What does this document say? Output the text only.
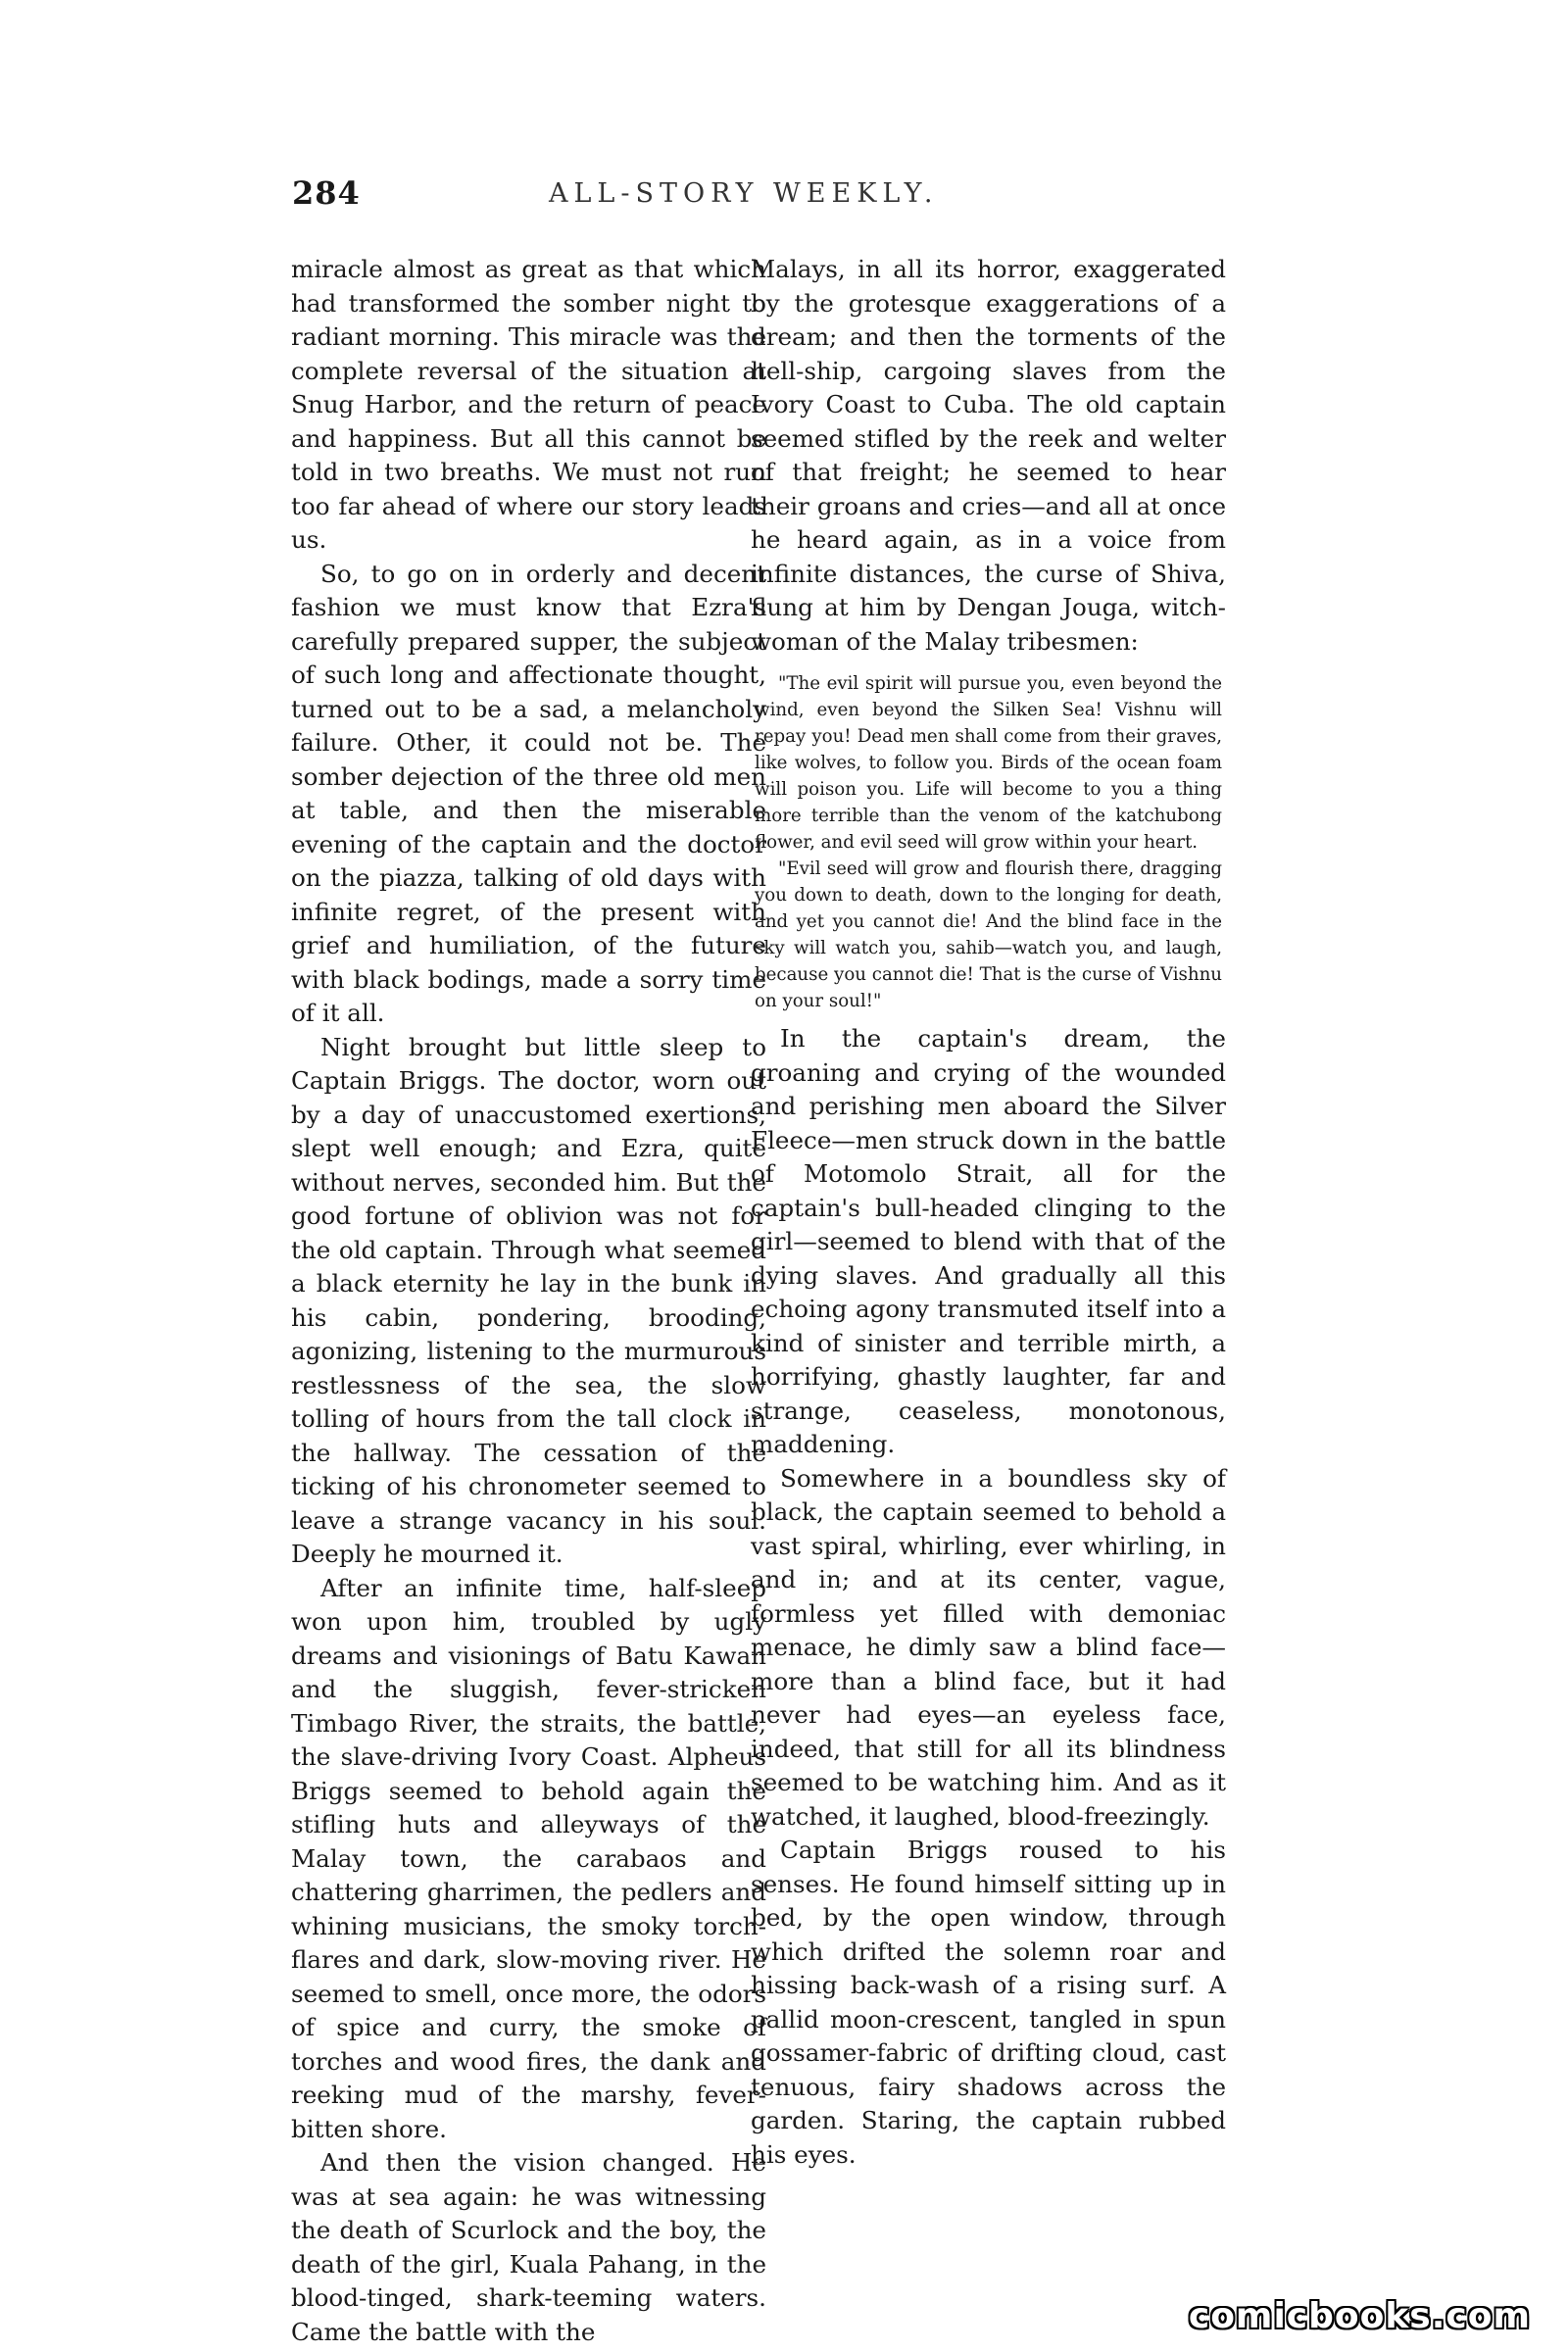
284	ALL-STORY WEEKLY.

miracle almost as great as that which had transformed the somber night to radiant morning. This miracle was the complete reversal of the situation at Snug Harbor, and the return of peace and happiness. But all this cannot be told in two breaths. We must not run too far ahead of where our story leads us.

So, to go on in orderly and decent fashion we must know that Ezra's carefully prepared supper, the subject of such long and affectionate thought, turned out to be a sad, a melancholy failure. Other, it could not be. The somber dejection of the three old men at table, and then the miserable evening of the captain and the doctor on the piazza, talking of old days with infinite regret, of the present with grief and humiliation, of the future with black bodings, made a sorry time of it all.

Night brought but little sleep to Captain Briggs. The doctor, worn out by a day of unaccustomed exertions, slept well enough; and Ezra, quite without nerves, seconded him. But the good fortune of oblivion was not for the old captain. Through what seemed a black eternity he lay in the bunk in his cabin, pondering, brooding, agonizing, listening to the murmurous restlessness of the sea, the slow tolling of hours from the tall clock in the hallway. The cessation of the ticking of his chronometer seemed to leave a strange vacancy in his soul. Deeply he mourned it.

After an infinite time, half-sleep won upon him, troubled by ugly dreams and visionings of Batu Kawan and the sluggish, fever-stricken Timbago River, the straits, the battle, the slave-driving Ivory Coast. Alpheus Briggs seemed to behold again the stifling huts and alleyways of the Malay town, the carabaos and chattering gharrimen, the pedlers and whining musicians, the smoky torch-flares and dark, slow-moving river. He seemed to smell, once more, the odors of spice and curry, the smoke of torches and wood fires, the dank and reeking mud of the marshy, fever-bitten shore.

And then the vision changed. He was at sea again: he was witnessing the death of Scurlock and the boy, the death of the girl, Kuala Pahang, in the blood-tinged, shark-teeming waters. Came the battle with the

Malays, in all its horror, exaggerated by the grotesque exaggerations of a dream; and then the torments of the hell-ship, cargoing slaves from the Ivory Coast to Cuba. The old captain seemed stifled by the reek and welter of that freight; he seemed to hear their groans and cries—and all at once he heard again, as in a voice from infinite distances, the curse of Shiva, flung at him by Dengan Jouga, witch-woman of the Malay tribesmen:

"The evil spirit will pursue you, even beyond the wind, even beyond the Silken Sea! Vishnu will repay you! Dead men shall come from their graves, like wolves, to follow you. Birds of the ocean foam will poison you. Life will become to you a thing more terrible than the venom of the katchubong flower, and evil seed will grow within your heart.

"Evil seed will grow and flourish there, dragging you down to death, down to the longing for death, and yet you cannot die! And the blind face in the sky will watch you, sahib—watch you, and laugh, because you cannot die! That is the curse of Vishnu on your soul!"

In the captain's dream, the groaning and crying of the wounded and perishing men aboard the Silver Fleece—men struck down in the battle of Motomolo Strait, all for the captain's bull-headed clinging to the girl—seemed to blend with that of the dying slaves. And gradually all this echoing agony transmuted itself into a kind of sinister and terrible mirth, a horrifying, ghastly laughter, far and strange, ceaseless, monotonous, maddening.

Somewhere in a boundless sky of black, the captain seemed to behold a vast spiral, whirling, ever whirling, in and in; and at its center, vague, formless yet filled with demoniac menace, he dimly saw a blind face—more than a blind face, but it had never had eyes—an eyeless face, indeed, that still for all its blindness seemed to be watching him. And as it watched, it laughed, blood-freezingly.

Captain Briggs roused to his senses. He found himself sitting up in bed, by the open window, through which drifted the solemn roar and hissing back-wash of a rising surf. A pallid moon-crescent, tangled in spun gossamer-fabric of drifting cloud, cast tenuous, fairy shadows across the garden. Staring, the captain rubbed his eyes.

comicbooks.com
